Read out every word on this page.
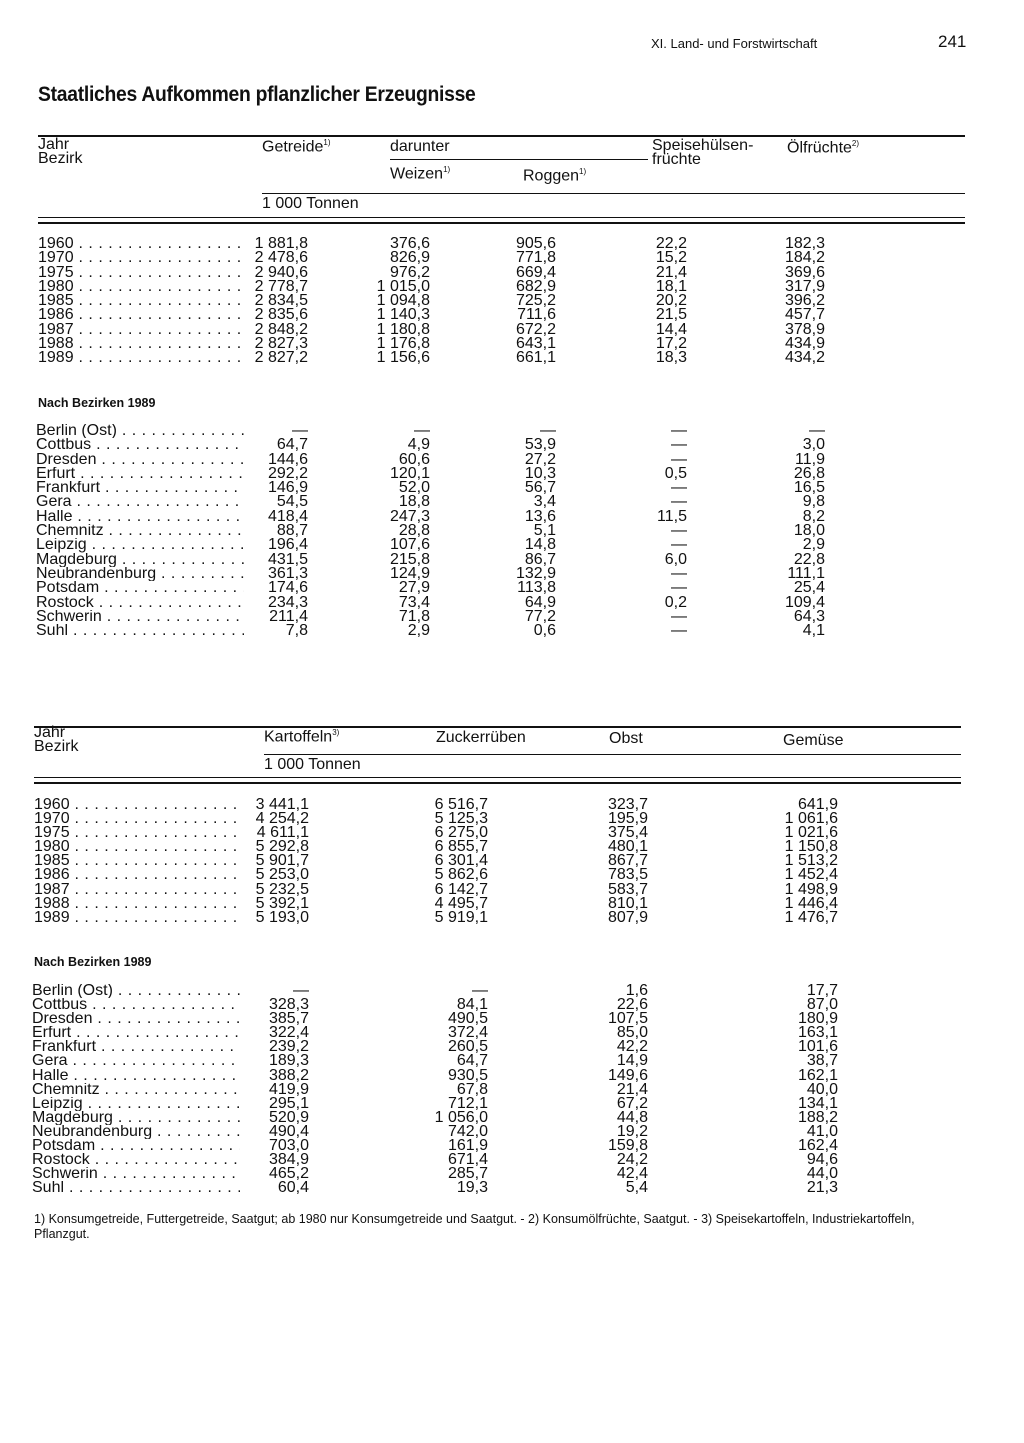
XI. Land- und Forstwirtschaft	241
Staatliches Aufkommen pflanzlicher Erzeugnisse
Jahr
Bezirk
Getreide$^{1)}$	darunter
Weizen$^{1)}$	Roggen$^{1)}$
Speisehülsen-
früchte
Ölfrüchte$^{2)}$
1 000 Tonnen
1960 . . .	1 881,8	376,6	905,6	22,2	182,3
1970 . . .	2 478,6	826,9	771,8	15,2	184,2
1975 . . .	2 940,6	976,2	669,4	21,4	369,6
1980 . . .	2 778,7	1 015,0	682,9	18,1	317,9
1985 . . .	2 834,5	1 094,8	725,2	20,2	396,2
1986 . . .	2 835,6	1 140,3	711,6	21,5	457,7
1987 . . .	2 848,2	1 180,8	672,2	14,4	378,9
1988 . . .	2 827,3	1 176,8	643,1	17,2	434,9
1989 . . .	2 827,2	1 156,6	661,1	18,3	434,2
Nach Bezirken 1989
Berlin (Ost) . . .	—	—	—	—	—
Cottbus . . .	64,7	4,9	53,9	—	3,0
Dresden . . .	144,6	60,6	27,2	—	11,9
Erfurt . . .	292,2	120,1	10,3	0,5	26,8
Frankfurt . . .	146,9	52,0	56,7	—	16,5
Gera . . .	54,5	18,8	3,4	—	9,8
Halle . . .	418,4	247,3	13,6	11,5	8,2
Chemnitz . . .	88,7	28,8	5,1	—	18,0
Leipzig . . .	196,4	107,6	14,8	—	2,9
Magdeburg . . .	431,5	215,8	86,7	6,0	22,8
Neubrandenburg . . .	361,3	124,9	132,9	—	111,1
Potsdam . . .	174,6	27,9	113,8	—	25,4
Rostock . . .	234,3	73,4	64,9	0,2	109,4
Schwerin . . .	211,4	71,8	77,2	—	64,3
Suhl . . .	7,8	2,9	0,6	—	4,1
Jahr
Bezirk
Kartoffeln$^{3)}$	Zuckerrüben	Obst	Gemüse
1 000 Tonnen
1960 . . .	3 441,1	6 516,7	323,7	641,9
1970 . . .	4 254,2	5 125,3	195,9	1 061,6
1975 . . .	4 611,1	6 275,0	375,4	1 021,6
1980 . . .	5 292,8	6 855,7	480,1	1 150,8
1985 . . .	5 901,7	6 301,4	867,7	1 513,2
1986 . . .	5 253,0	5 862,6	783,5	1 452,4
1987 . . .	5 232,5	6 142,7	583,7	1 498,9
1988 . . .	5 392,1	4 495,7	810,1	1 446,4
1989 . . .	5 193,0	5 919,1	807,9	1 476,7
Nach Bezirken 1989
Berlin (Ost) . . .	—	—	1,6	17,7
Cottbus . . .	328,3	84,1	22,6	87,0
Dresden . . .	385,7	490,5	107,5	180,9
Erfurt . . .	322,4	372,4	85,0	163,1
Frankfurt . . .	239,2	260,5	42,2	101,6
Gera . . .	189,3	64,7	14,9	38,7
Halle . . .	388,2	930,5	149,6	162,1
Chemnitz . . .	419,9	67,8	21,4	40,0
Leipzig . . .	295,1	712,1	67,2	134,1
Magdeburg . . .	520,9	1 056,0	44,8	188,2
Neubrandenburg . . .	490,4	742,0	19,2	41,0
Potsdam . . .	703,0	161,9	159,8	162,4
Rostock . . .	384,9	671,4	24,2	94,6
Schwerin . . .	465,2	285,7	42,4	44,0
Suhl . . .	60,4	19,3	5,4	21,3
1) Konsumgetreide, Futtergetreide, Saatgut; ab 1980 nur Konsumgetreide und Saatgut. - 2) Konsumölfrüchte, Saatgut. - 3) Speisekartoffeln, Industriekartoffeln, Pflanzgut.
